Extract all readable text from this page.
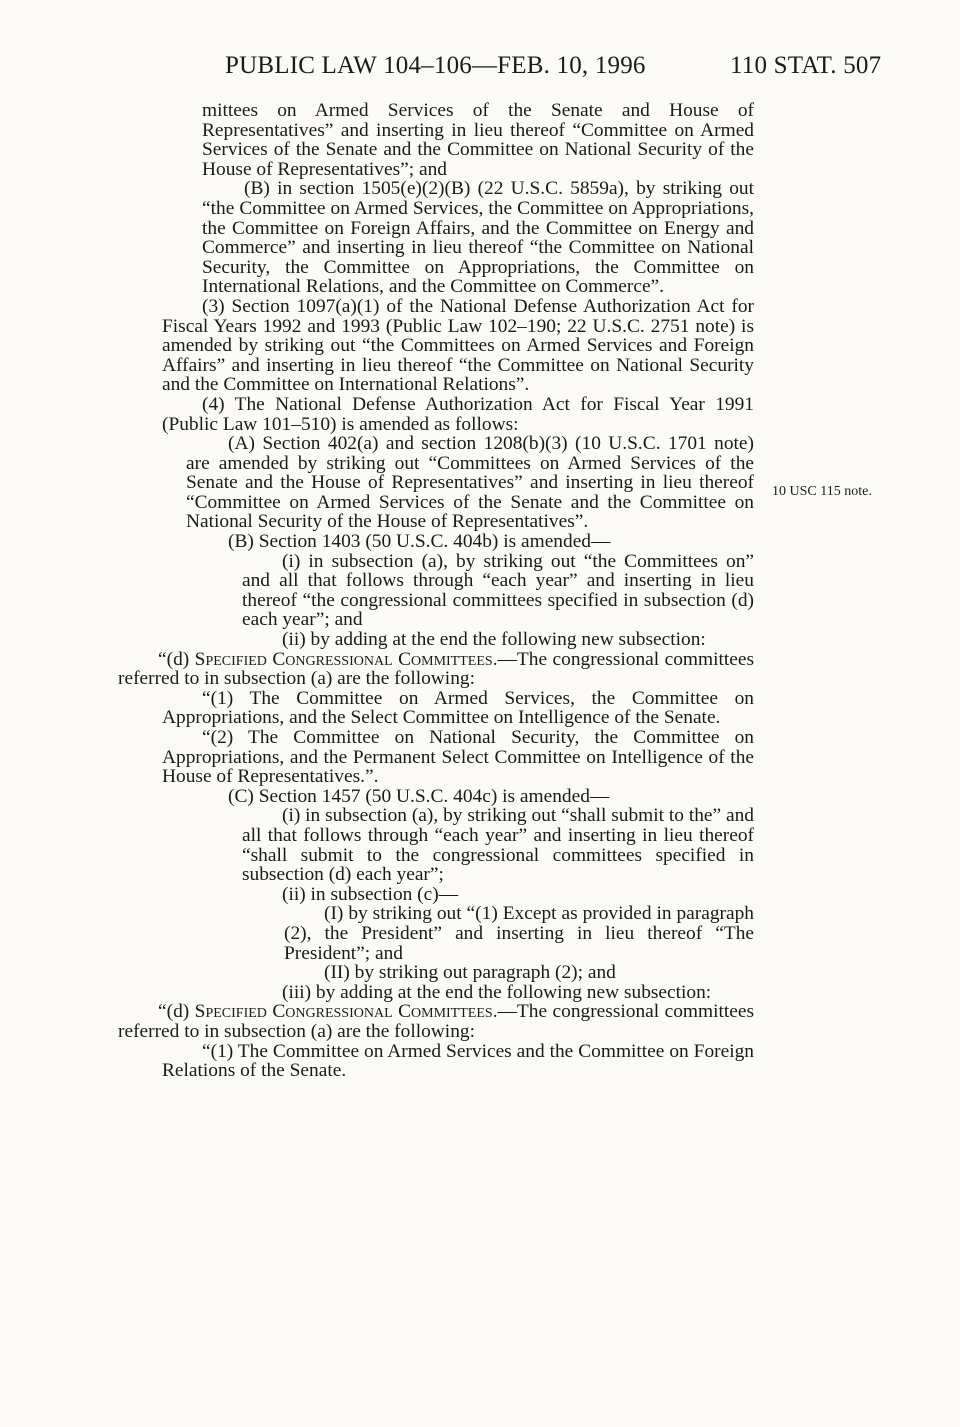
PUBLIC LAW 104–106—FEB. 10, 1996	110 STAT. 507
10 USC 115 note.

mittees on Armed Services of the Senate and House of Representatives” and inserting in lieu thereof “Committee on Armed Services of the Senate and the Committee on National Security of the House of Representatives”; and

(B) in section 1505(e)(2)(B) (22 U.S.C. 5859a), by striking out “the Committee on Armed Services, the Committee on Appropriations, the Committee on Foreign Affairs, and the Committee on Energy and Commerce” and inserting in lieu thereof “the Committee on National Security, the Committee on Appropriations, the Committee on International Relations, and the Committee on Commerce”.

(3) Section 1097(a)(1) of the National Defense Authorization Act for Fiscal Years 1992 and 1993 (Public Law 102–190; 22 U.S.C. 2751 note) is amended by striking out “the Committees on Armed Services and Foreign Affairs” and inserting in lieu thereof “the Committee on National Security and the Committee on International Relations”.

(4) The National Defense Authorization Act for Fiscal Year 1991 (Public Law 101–510) is amended as follows:

(A) Section 402(a) and section 1208(b)(3) (10 U.S.C. 1701 note) are amended by striking out “Committees on Armed Services of the Senate and the House of Representatives” and inserting in lieu thereof “Committee on Armed Services of the Senate and the Committee on National Security of the House of Representatives”.

(B) Section 1403 (50 U.S.C. 404b) is amended—

(i) in subsection (a), by striking out “the Committees on” and all that follows through “each year” and inserting in lieu thereof “the congressional committees specified in subsection (d) each year”; and

(ii) by adding at the end the following new subsection:

“(d) Specified Congressional Committees.—The congressional committees referred to in subsection (a) are the following:

“(1) The Committee on Armed Services, the Committee on Appropriations, and the Select Committee on Intelligence of the Senate.

“(2) The Committee on National Security, the Committee on Appropriations, and the Permanent Select Committee on Intelligence of the House of Representatives.”.

(C) Section 1457 (50 U.S.C. 404c) is amended—

(i) in subsection (a), by striking out “shall submit to the” and all that follows through “each year” and inserting in lieu thereof “shall submit to the congressional committees specified in subsection (d) each year”;

(ii) in subsection (c)—

(I) by striking out “(1) Except as provided in paragraph (2), the President” and inserting in lieu thereof “The President”; and

(II) by striking out paragraph (2); and

(iii) by adding at the end the following new subsection:

“(d) Specified Congressional Committees.—The congressional committees referred to in subsection (a) are the following:

“(1) The Committee on Armed Services and the Committee on Foreign Relations of the Senate.
